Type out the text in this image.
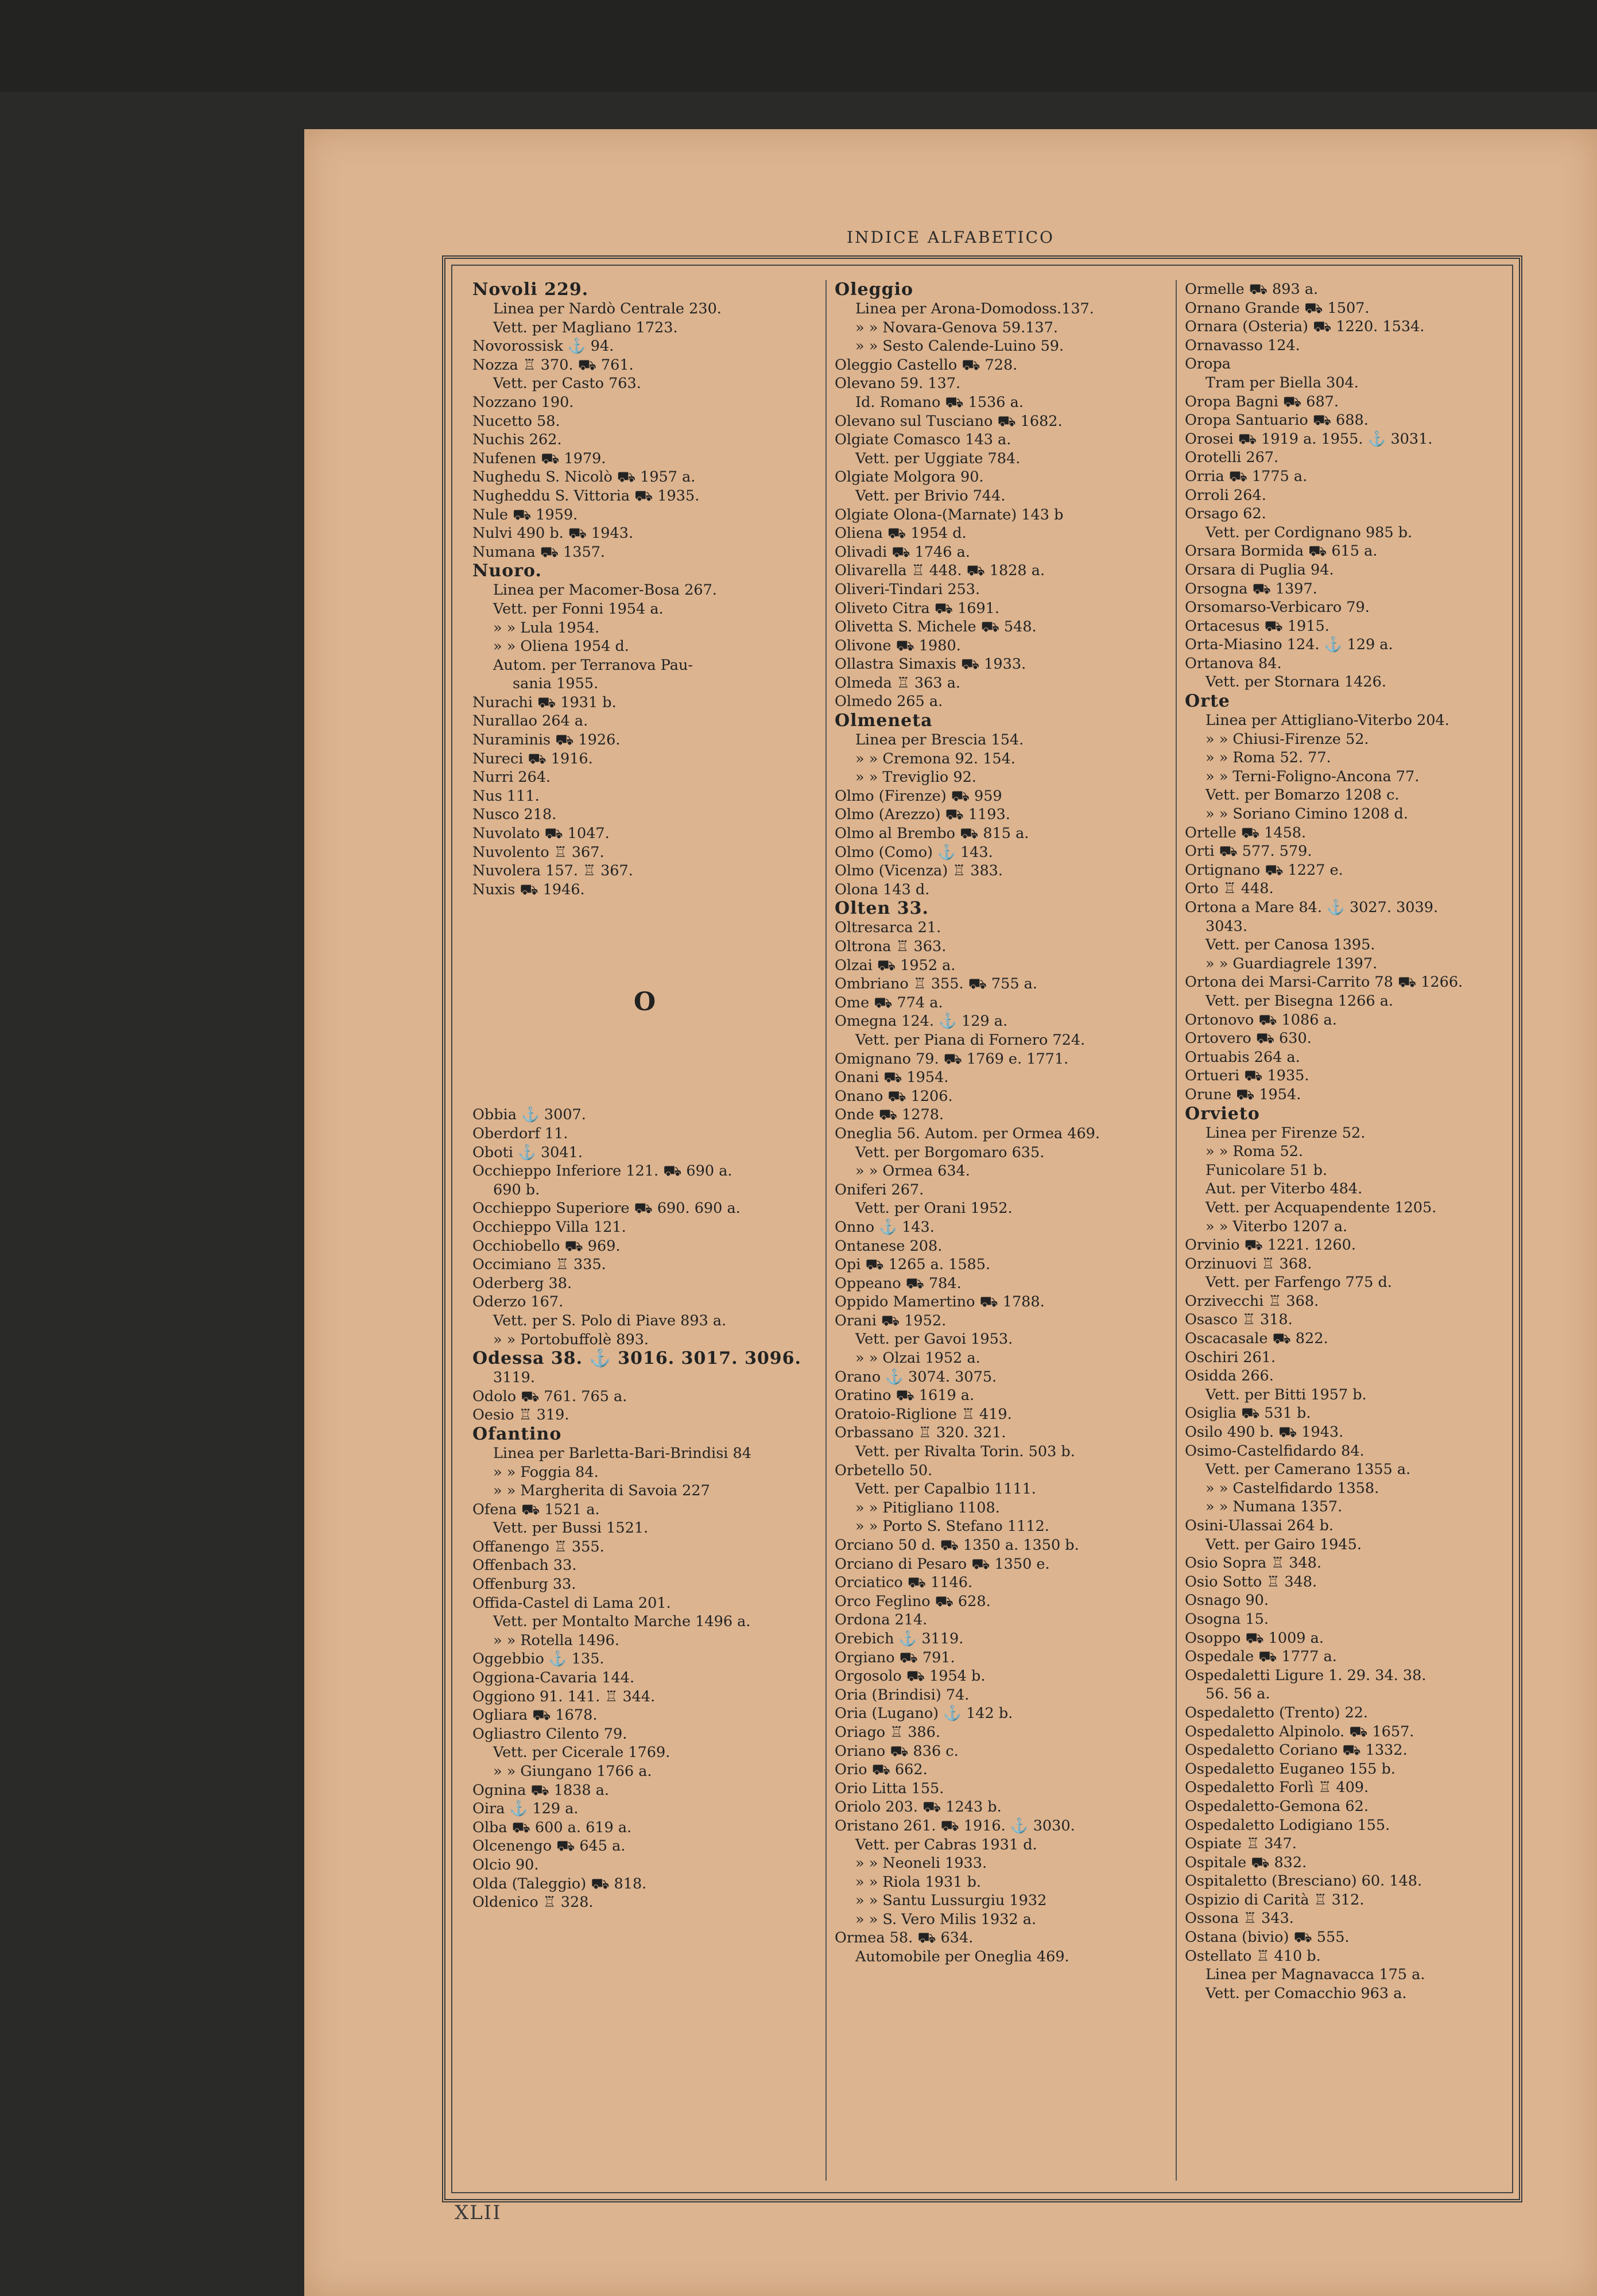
INDICE ALFABETICO
Novoli 229.
Linea per Nardò Centrale 230.
Vett. per Magliano 1723.
Novorossisk ⚓ 94.
Nozza ♖ 370. ⛟ 761.
Vett. per Casto 763.
Nozzano 190.
Nucetto 58.
Nuchis 262.
Nufenen ⛟ 1979.
Nughedu S. Nicolò ⛟ 1957 a.
Nugheddu S. Vittoria ⛟ 1935.
Nule ⛟ 1959.
Nulvi 490 b. ⛟ 1943.
Numana ⛟ 1357.
Nuoro.
Linea per Macomer-Bosa 267.
Vett. per Fonni 1954 a.
» » Lula 1954.
» » Oliena 1954 d.
Autom. per Terranova Pau-
sania 1955.
Nurachi ⛟ 1931 b.
Nurallao 264 a.
Nuraminis ⛟ 1926.
Nureci ⛟ 1916.
Nurri 264.
Nus 111.
Nusco 218.
Nuvolato ⛟ 1047.
Nuvolento ♖ 367.
Nuvolera 157. ♖ 367.
Nuxis ⛟ 1946.
O
Obbia ⚓ 3007.
Oberdorf 11.
Oboti ⚓ 3041.
Occhieppo Inferiore 121. ⛟ 690 a.
690 b.
Occhieppo Superiore ⛟ 690. 690 a.
Occhieppo Villa 121.
Occhiobello ⛟ 969.
Occimiano ♖ 335.
Oderberg 38.
Oderzo 167.
Vett. per S. Polo di Piave 893 a.
» » Portobuffolè 893.
Odessa 38. ⚓ 3016. 3017. 3096.
3119.
Odolo ⛟ 761. 765 a.
Oesio ♖ 319.
Ofantino
Linea per Barletta-Bari-Brindisi 84
» » Foggia 84.
» » Margherita di Savoia 227
Ofena ⛟ 1521 a.
Vett. per Bussi 1521.
Offanengo ♖ 355.
Offenbach 33.
Offenburg 33.
Offida-Castel di Lama 201.
Vett. per Montalto Marche 1496 a.
» » Rotella 1496.
Oggebbio ⚓ 135.
Oggiona-Cavaria 144.
Oggiono 91. 141. ♖ 344.
Ogliara ⛟ 1678.
Ogliastro Cilento 79.
Vett. per Cicerale 1769.
» » Giungano 1766 a.
Ognina ⛟ 1838 a.
Oira ⚓ 129 a.
Olba ⛟ 600 a. 619 a.
Olcenengo ⛟ 645 a.
Olcio 90.
Olda (Taleggio) ⛟ 818.
Oldenico ♖ 328.
Oleggio
Linea per Arona-Domodoss.137.
» » Novara-Genova 59.137.
» » Sesto Calende-Luino 59.
Oleggio Castello ⛟ 728.
Olevano 59. 137.
Id. Romano ⛟ 1536 a.
Olevano sul Tusciano ⛟ 1682.
Olgiate Comasco 143 a.
Vett. per Uggiate 784.
Olgiate Molgora 90.
Vett. per Brivio 744.
Olgiate Olona-(Marnate) 143 b
Oliena ⛟ 1954 d.
Olivadi ⛟ 1746 a.
Olivarella ♖ 448. ⛟ 1828 a.
Oliveri-Tindari 253.
Oliveto Citra ⛟ 1691.
Olivetta S. Michele ⛟ 548.
Olivone ⛟ 1980.
Ollastra Simaxis ⛟ 1933.
Olmeda ♖ 363 a.
Olmedo 265 a.
Olmeneta
Linea per Brescia 154.
» » Cremona 92. 154.
» » Treviglio 92.
Olmo (Firenze) ⛟ 959
Olmo (Arezzo) ⛟ 1193.
Olmo al Brembo ⛟ 815 a.
Olmo (Como) ⚓ 143.
Olmo (Vicenza) ♖ 383.
Olona 143 d.
Olten 33.
Oltresarca 21.
Oltrona ♖ 363.
Olzai ⛟ 1952 a.
Ombriano ♖ 355. ⛟ 755 a.
Ome ⛟ 774 a.
Omegna 124. ⚓ 129 a.
Vett. per Piana di Fornero 724.
Omignano 79. ⛟ 1769 e. 1771.
Onani ⛟ 1954.
Onano ⛟ 1206.
Onde ⛟ 1278.
Oneglia 56. Autom. per Ormea 469.
Vett. per Borgomaro 635.
» » Ormea 634.
Oniferi 267.
Vett. per Orani 1952.
Onno ⚓ 143.
Ontanese 208.
Opi ⛟ 1265 a. 1585.
Oppeano ⛟ 784.
Oppido Mamertino ⛟ 1788.
Orani ⛟ 1952.
Vett. per Gavoi 1953.
» » Olzai 1952 a.
Orano ⚓ 3074. 3075.
Oratino ⛟ 1619 a.
Oratoio-Riglione ♖ 419.
Orbassano ♖ 320. 321.
Vett. per Rivalta Torin. 503 b.
Orbetello 50.
Vett. per Capalbio 1111.
» » Pitigliano 1108.
» » Porto S. Stefano 1112.
Orciano 50 d. ⛟ 1350 a. 1350 b.
Orciano di Pesaro ⛟ 1350 e.
Orciatico ⛟ 1146.
Orco Feglino ⛟ 628.
Ordona 214.
Orebich ⚓ 3119.
Orgiano ⛟ 791.
Orgosolo ⛟ 1954 b.
Oria (Brindisi) 74.
Oria (Lugano) ⚓ 142 b.
Oriago ♖ 386.
Oriano ⛟ 836 c.
Orio ⛟ 662.
Orio Litta 155.
Oriolo 203. ⛟ 1243 b.
Oristano 261. ⛟ 1916. ⚓ 3030.
Vett. per Cabras 1931 d.
» » Neoneli 1933.
» » Riola 1931 b.
» » Santu Lussurgiu 1932
» » S. Vero Milis 1932 a.
Ormea 58. ⛟ 634.
Automobile per Oneglia 469.
Ormelle ⛟ 893 a.
Ornano Grande ⛟ 1507.
Ornara (Osteria) ⛟ 1220. 1534.
Ornavasso 124.
Oropa
Tram per Biella 304.
Oropa Bagni ⛟ 687.
Oropa Santuario ⛟ 688.
Orosei ⛟ 1919 a. 1955. ⚓ 3031.
Orotelli 267.
Orria ⛟ 1775 a.
Orroli 264.
Orsago 62.
Vett. per Cordignano 985 b.
Orsara Bormida ⛟ 615 a.
Orsara di Puglia 94.
Orsogna ⛟ 1397.
Orsomarso-Verbicaro 79.
Ortacesus ⛟ 1915.
Orta-Miasino 124. ⚓ 129 a.
Ortanova 84.
Vett. per Stornara 1426.
Orte
Linea per Attigliano-Viterbo 204.
» » Chiusi-Firenze 52.
» » Roma 52. 77.
» » Terni-Foligno-Ancona 77.
Vett. per Bomarzo 1208 c.
» » Soriano Cimino 1208 d.
Ortelle ⛟ 1458.
Orti ⛟ 577. 579.
Ortignano ⛟ 1227 e.
Orto ♖ 448.
Ortona a Mare 84. ⚓ 3027. 3039.
3043.
Vett. per Canosa 1395.
» » Guardiagrele 1397.
Ortona dei Marsi-Carrito 78 ⛟ 1266.
Vett. per Bisegna 1266 a.
Ortonovo ⛟ 1086 a.
Ortovero ⛟ 630.
Ortuabis 264 a.
Ortueri ⛟ 1935.
Orune ⛟ 1954.
Orvieto
Linea per Firenze 52.
» » Roma 52.
Funicolare 51 b.
Aut. per Viterbo 484.
Vett. per Acquapendente 1205.
» » Viterbo 1207 a.
Orvinio ⛟ 1221. 1260.
Orzinuovi ♖ 368.
Vett. per Farfengo 775 d.
Orzivecchi ♖ 368.
Osasco ♖ 318.
Oscacasale ⛟ 822.
Oschiri 261.
Osidda 266.
Vett. per Bitti 1957 b.
Osiglia ⛟ 531 b.
Osilo 490 b. ⛟ 1943.
Osimo-Castelfidardo 84.
Vett. per Camerano 1355 a.
» » Castelfidardo 1358.
» » Numana 1357.
Osini-Ulassai 264 b.
Vett. per Gairo 1945.
Osio Sopra ♖ 348.
Osio Sotto ♖ 348.
Osnago 90.
Osogna 15.
Osoppo ⛟ 1009 a.
Ospedale ⛟ 1777 a.
Ospedaletti Ligure 1. 29. 34. 38.
56. 56 a.
Ospedaletto (Trento) 22.
Ospedaletto Alpinolo. ⛟ 1657.
Ospedaletto Coriano ⛟ 1332.
Ospedaletto Euganeo 155 b.
Ospedaletto Forlì ♖ 409.
Ospedaletto-Gemona 62.
Ospedaletto Lodigiano 155.
Ospiate ♖ 347.
Ospitale ⛟ 832.
Ospitaletto (Bresciano) 60. 148.
Ospizio di Carità ♖ 312.
Ossona ♖ 343.
Ostana (bivio) ⛟ 555.
Ostellato ♖ 410 b.
Linea per Magnavacca 175 a.
Vett. per Comacchio 963 a.
XLII
